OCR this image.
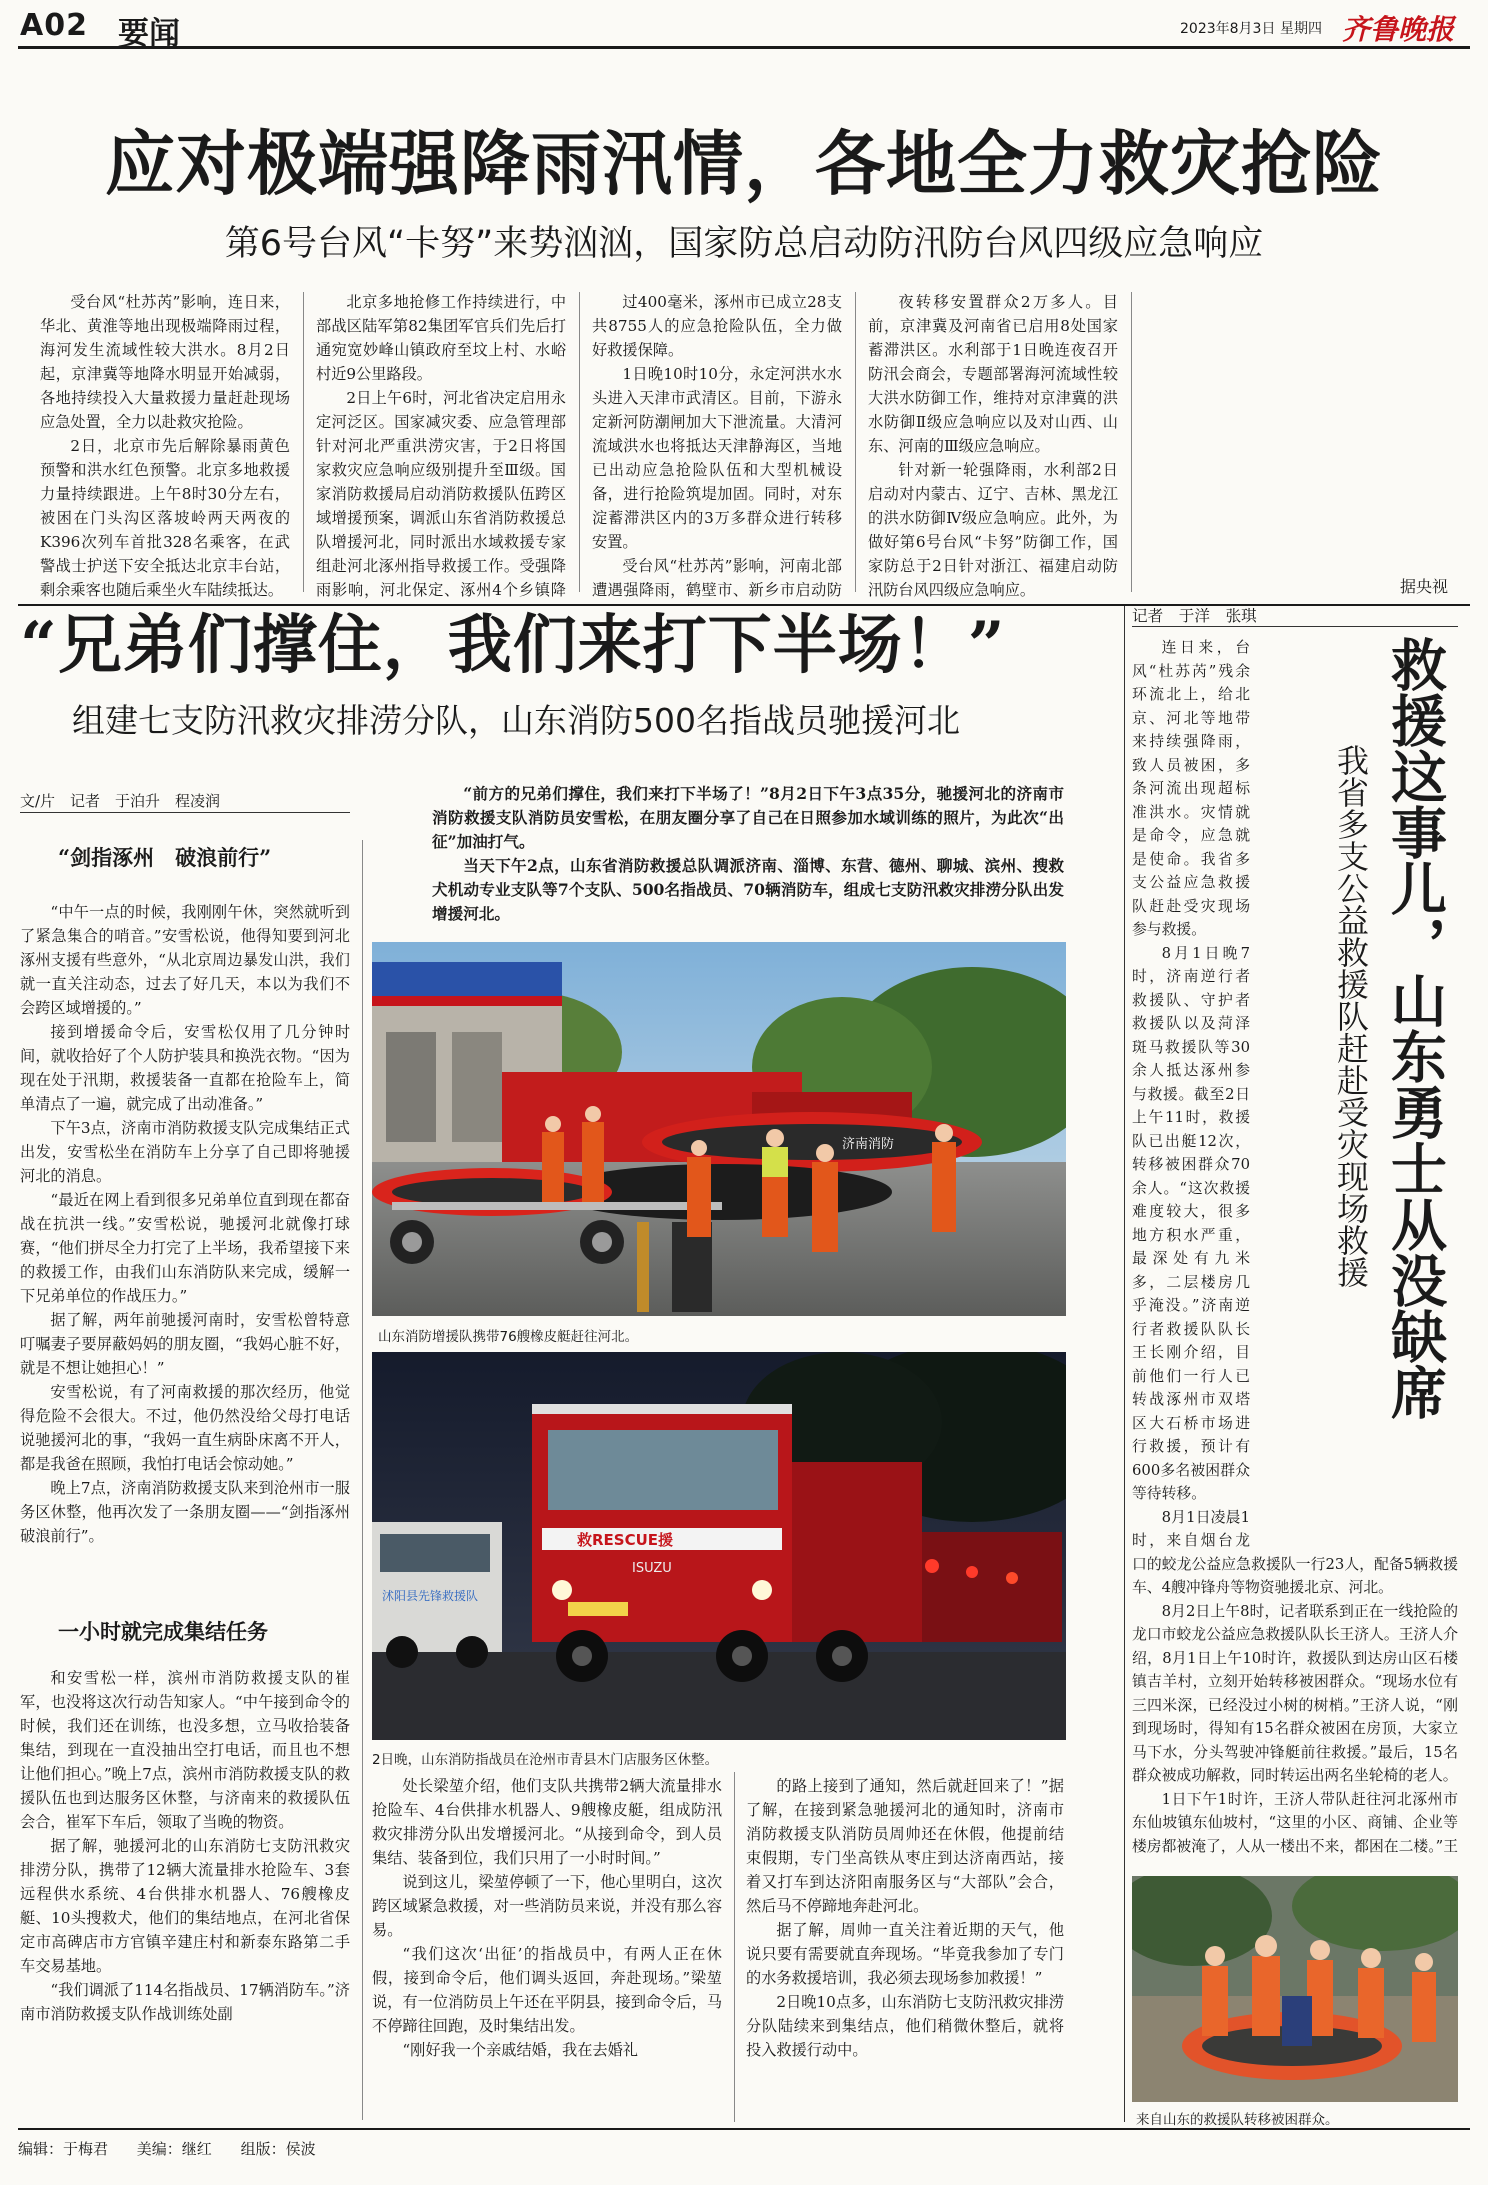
A02 要闻	2023年8月3日 星期四 齐鲁晚报
应对极端强降雨汛情，各地全力救灾抢险
第6号台风“卡努”来势汹汹，国家防总启动防汛防台风四级应急响应

受台风“杜苏芮”影响，连日来，华北、黄淮等地出现极端降雨过程，海河发生流域性较大洪水。8月2日起，京津冀等地降水明显开始减弱，各地持续投入大量救援力量赶赴现场应急处置，全力以赴救灾抢险。

2日，北京市先后解除暴雨黄色预警和洪水红色预警。北京多地救援力量持续跟进。上午8时30分左右，被困在门头沟区落坡岭两天两夜的K396次列车首批328名乘客，在武警战士护送下安全抵达北京丰台站，剩余乘客也随后乘坐火车陆续抵达。

北京多地抢修工作持续进行，中部战区陆军第82集团军官兵们先后打通宛宽妙峰山镇政府至坟上村、水峪村近9公里路段。

2日上午6时，河北省决定启用永定河泛区。国家减灾委、应急管理部针对河北严重洪涝灾害，于2日将国家救灾应急响应级别提升至Ⅲ级。国家消防救援局启动消防救援队伍跨区域增援预案，调派山东省消防救援总队增援河北，同时派出水域救援专家组赴河北涿州指导救援工作。受强降雨影响，河北保定、涿州4个乡镇降

过400毫米，涿州市已成立28支共8755人的应急抢险队伍，全力做好救援保障。

1日晚10时10分，永定河洪水水头进入天津市武清区。目前，下游永定新河防潮闸加大下泄流量。大清河流域洪水也将抵达天津静海区，当地已出动应急抢险队伍和大型机械设备，进行抢险筑堤加固。同时，对东淀蓄滞洪区内的3万多群众进行转移安置。

受台风“杜苏芮”影响，河南北部遭遇强降雨，鹤壁市、新乡市启动防

夜转移安置群众2万多人。目前，京津冀及河南省已启用8处国家蓄滞洪区。水利部于1日晚连夜召开防汛会商会，专题部署海河流域性较大洪水防御工作，维持对京津冀的洪水防御Ⅱ级应急响应以及对山西、山东、河南的Ⅲ级应急响应。

针对新一轮强降雨，水利部2日启动对内蒙古、辽宁、吉林、黑龙江的洪水防御Ⅳ级应急响应。此外，为做好第6号台风“卡努”防御工作，国家防总于2日针对浙江、福建启动防汛防台风四级应急响应。	据央视
“兄弟们撑住，我们来打下半场！”
组建七支防汛救灾排涝分队，山东消防500名指战员驰援河北
文/片　记者　于泊升　程凌润	“前方的兄弟们撑住，我们来打下半场了！”8月2日下午3点35分，驰援河北的济南市消防救援支队消防员安雪松，在朋友圈分享了自己在日照参加水域训练的照片，为此次“出征”加油打气。

当天下午2点，山东省消防救援总队调派济南、淄博、东营、德州、聊城、滨州、搜救犬机动专业支队等7个支队、500名指战员、70辆消防车，组成七支防汛救灾排涝分队出发增援河北。

“剑指涿州　破浪前行”

“中午一点的时候，我刚刚午休，突然就听到了紧急集合的哨音。”安雪松说，他得知要到河北涿州支援有些意外，“从北京周边暴发山洪，我们就一直关注动态，过去了好几天，本以为我们不会跨区域增援的。”

接到增援命令后，安雪松仅用了几分钟时间，就收拾好了个人防护装具和换洗衣物。“因为现在处于汛期，救援装备一直都在抢险车上，简单清点了一遍，就完成了出动准备。”

下午3点，济南市消防救援支队完成集结正式出发，安雪松坐在消防车上分享了自己即将驰援河北的消息。

“最近在网上看到很多兄弟单位直到现在都奋战在抗洪一线。”安雪松说，驰援河北就像打球赛，“他们拼尽全力打完了上半场，我希望接下来的救援工作，由我们山东消防队来完成，缓解一下兄弟单位的作战压力。”

据了解，两年前驰援河南时，安雪松曾特意叮嘱妻子要屏蔽妈妈的朋友圈，“我妈心脏不好，就是不想让她担心！”

安雪松说，有了河南救援的那次经历，他觉得危险不会很大。不过，他仍然没给父母打电话说驰援河北的事，“我妈一直生病卧床离不开人，都是我爸在照顾，我怕打电话会惊动她。”

晚上7点，济南消防救援支队来到沧州市一服务区休整，他再次发了一条朋友圈——“剑指涿州　破浪前行”。

一小时就完成集结任务

和安雪松一样，滨州市消防救援支队的崔军，也没将这次行动告知家人。“中午接到命令的时候，我们还在训练，也没多想，立马收拾装备集结，到现在一直没抽出空打电话，而且也不想让他们担心。”晚上7点，滨州市消防救援支队的救援队伍也到达服务区休整，与济南来的救援队伍会合，崔军下车后，领取了当晚的物资。

据了解，驰援河北的山东消防七支防汛救灾排涝分队，携带了12辆大流量排水抢险车、3套远程供水系统、4台供排水机器人、76艘橡皮艇、10头搜救犬，他们的集结地点，在河北省保定市高碑店市方官镇辛建庄村和新泰东路第二手车交易基地。

“我们调派了114名指战员、17辆消防车。”济南市消防救援支队作战训练处副

济南消防
山东消防增援队携带76艘橡皮艇赶往河北。
沭阳县先锋救援队
救RESCUE援
ISUZU
2日晚，山东消防指战员在沧州市青县木门店服务区休整。

处长梁堃介绍，他们支队共携带2辆大流量排水抢险车、4台供排水机器人、9艘橡皮艇，组成防汛救灾排涝分队出发增援河北。“从接到命令，到人员集结、装备到位，我们只用了一小时时间。”

说到这儿，梁堃停顿了一下，他心里明白，这次跨区域紧急救援，对一些消防员来说，并没有那么容易。

“我们这次‘出征’的指战员中，有两人正在休假，接到命令后，他们调头返回，奔赴现场。”梁堃说，有一位消防员上午还在平阴县，接到命令后，马不停蹄往回跑，及时集结出发。

“刚好我一个亲戚结婚，我在去婚礼

的路上接到了通知，然后就赶回来了！”据了解，在接到紧急驰援河北的通知时，济南市消防救援支队消防员周帅还在休假，他提前结束假期，专门坐高铁从枣庄到达济南西站，接着又打车到达济阳南服务区与“大部队”会合，然后马不停蹄地奔赴河北。

据了解，周帅一直关注着近期的天气，他说只要有需要就直奔现场。“毕竟我参加了专门的水务救援培训，我必须去现场参加救援！”

2日晚10点多，山东消防七支防汛救灾排涝分队陆续来到集结点，他们稍微休整后，就将投入救援行动中。

记者　于洋　张琪
救援这事儿，山东勇士从没缺席
我省多支公益救援队赶赴受灾现场救援

连日来，台风“杜苏芮”残余环流北上，给北京、河北等地带来持续强降雨，致人员被困，多条河流出现超标准洪水。灾情就是命令，应急就是使命。我省多支公益应急救援队赶赴受灾现场参与救援。

8月1日晚7时，济南逆行者救援队、守护者救援队以及菏泽斑马救援队等30余人抵达涿州参与救援。截至2日上午11时，救援队已出艇12次，转移被困群众70余人。“这次救援难度较大，很多地方积水严重，最深处有九米多，二层楼房几乎淹没。”济南逆行者救援队队长王长刚介绍，目前他们一行人已转战涿州市双塔区大石桥市场进行救援，预计有600多名被困群众等待转移。

8月1日凌晨1时，来自烟台龙口的蛟龙公益应急救援队一行23人，配备5辆救援车、4艘冲锋舟等物资驰援北京、河北。

8月2日上午8时，记者联系到正在一线抢险的龙口市蛟龙公益应急救援队队长王济人。王济人介绍，8月1日上午10时许，救援队到达房山区石楼镇吉羊村，立刻开始转移被困群众。“现场水位有三四米深，已经没过小树的树梢。”王济人说，“刚到现场时，得知有15名群众被困在房顶，大家立马下水，分头驾驶冲锋艇前往救援。”最后，15名群众被成功解救，同时转运出两名坐轮椅的老人。

1日下午1时许，王济人带队赶往河北涿州市东仙坡镇东仙坡村，“这里的小区、商铺、企业等楼房都被淹了，人从一楼出不来，都困在二楼。”王

来自山东的救援队转移被困群众。
编辑：于梅君 美编：继红 组版：侯波
